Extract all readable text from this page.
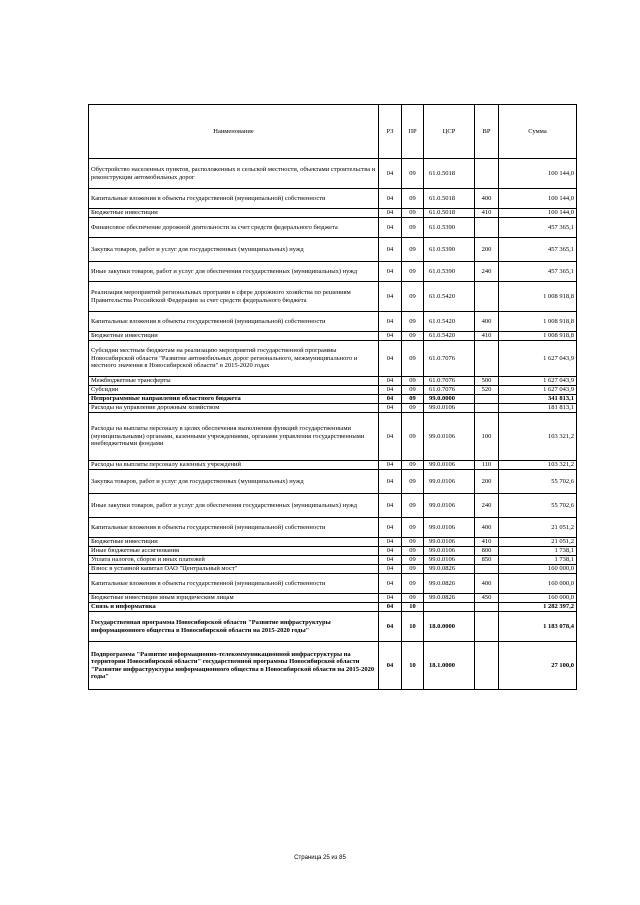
Наименование	РЗ	ПР	ЦСР	ВР	Сумма
Обустройство населенных пунктов, расположенных в сельской местности, объектами строительства и реконструкции автомобильных дорог	04	09	61.0.5018		100 144,0
Капитальные вложения в объекты государственной (муниципальной) собственности	04	09	61.0.5018	400	100 144,0
Бюджетные инвестиции	04	09	61.0.5018	410	100 144,0
Финансовое обеспечение дорожной деятельности за счет средств федерального бюджета	04	09	61.0.5390		457 365,1
Закупка товаров, работ и услуг для государственных (муниципальных) нужд	04	09	61.0.5390	200	457 365,1
Иные закупки товаров, работ и услуг для обеспечения государственных (муниципальных) нужд	04	09	61.0.5390	240	457 365,1
Реализация мероприятий региональных программ в сфере дорожного хозяйства по решениям Правительства Российской Федерации за счет средств федерального бюджета	04	09	61.0.5420		1 008 918,8
Капитальные вложения в объекты государственной (муниципальной) собственности	04	09	61.0.5420	400	1 008 918,8
Бюджетные инвестиции	04	09	61.0.5420	410	1 008 918,8
Субсидии местным бюджетам на реализацию мероприятий государственной программы Новосибирской области "Развитие автомобильных дорог регионального, межмуниципального и местного значения в Новосибирской области" в 2015-2020 годах	04	09	61.0.7076		1 627 043,9
Межбюджетные трансферты	04	09	61.0.7076	500	1 627 043,9
Субсидии	04	09	61.0.7076	520	1 627 043,9
Непрограммные направления областного бюджета	04	09	99.0.0000		341 813,1
Расходы на управление дорожным хозяйством	04	09	99.0.0106		181 813,1
Расходы на выплаты персоналу в целях обеспечения выполнения функций государственными (муниципальными) органами, казенными учреждениями, органами управления государственными внебюджетными фондами	04	09	99.0.0106	100	103 321,2
Расходы на выплаты персоналу казенных учреждений	04	09	99.0.0106	110	103 321,2
Закупка товаров, работ и услуг для государственных (муниципальных) нужд	04	09	99.0.0106	200	55 702,6
Иные закупки товаров, работ и услуг для обеспечения государственных (муниципальных) нужд	04	09	99.0.0106	240	55 702,6
Капитальные вложения в объекты государственной (муниципальной) собственности	04	09	99.0.0106	400	21 051,2
Бюджетные инвестиции	04	09	99.0.0106	410	21 051,2
Иные бюджетные ассигнования	04	09	99.0.0106	800	1 738,1
Уплата налогов, сборов и иных платежей	04	09	99.0.0106	850	1 738,1
Взнос в уставной капитал ОАО "Центральный мост"	04	09	99.0.0826		160 000,0
Капитальные вложения в объекты государственной (муниципальной) собственности	04	09	99.0.0826	400	160 000,0
Бюджетные инвестиции иным юридическим лицам	04	09	99.0.0826	450	160 000,0
Связь и информатика	04	10			1 282 397,2
Государственная программа Новосибирской области "Развитие инфраструктуры информационного общества в Новосибирской области на 2015-2020 годы"	04	10	18.0.0000		1 183 078,4
Подпрограмма "Развитие информационно-телекоммуникационной инфраструктуры на территории Новосибирской области" государственной программы Новосибирской области "Развитие инфраструктуры информационного общества в Новосибирской области на 2015-2020 годы"	04	10	18.1.0000		27 100,0
Страница 25 из 85
